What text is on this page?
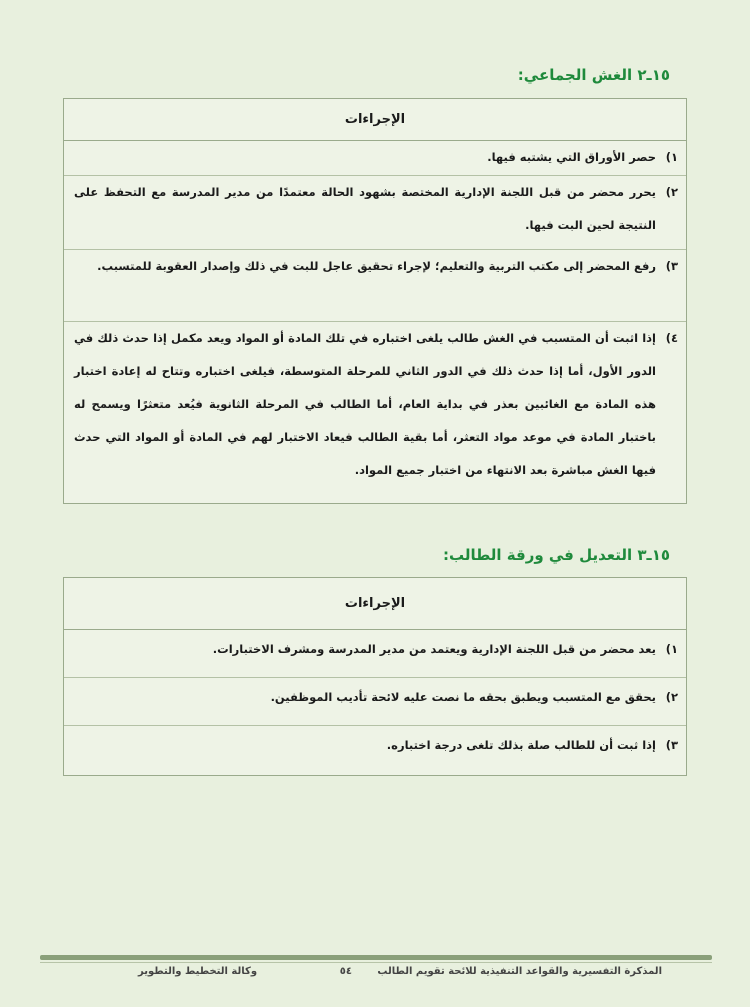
١٥ـ٢ الغش الجماعي:
الإجراءات
١)
حصر الأوراق التي يشتبه فيها.
٢)
يحرر محضر من قبل اللجنة الإدارية المختصة بشهود الحالة معتمدًا من مدير المدرسة مع التحفظ على النتيجة لحين البت فيها.
٣)
رفع المحضر إلى مكتب التربية والتعليم؛ لإجراء تحقيق عاجل للبت في ذلك وإصدار العقوبة للمتسبب.
٤)
إذا اثبت أن المتسبب في الغش طالب يلغى اختباره في تلك المادة أو المواد ويعد مكمل إذا حدث ذلك في الدور الأول، أما إذا حدث ذلك في الدور الثاني للمرحلة المتوسطة، فيلغى اختباره وتتاح له إعادة اختبار هذه المادة مع الغائبين بعذر في بداية العام، أما الطالب في المرحلة الثانوية فيُعد متعثرًا ويسمح له باختبار المادة في موعد مواد التعثر، أما بقية الطالب فيعاد الاختبار لهم في المادة أو المواد التي حدث فيها الغش مباشرة بعد الانتهاء من اختبار جميع المواد.
١٥ـ٣ التعديل في ورقة الطالب:
الإجراءات
١)
يعد محضر من قبل اللجنة الإدارية ويعتمد من مدير المدرسة ومشرف الاختبارات.
٢)
يحقق مع المتسبب ويطبق بحقه ما نصت عليه لائحة تأديب الموظفين.
٣)
إذا ثبت أن للطالب صلة بذلك تلغى درجة اختباره.
المذكرة التفسيرية والقواعد التنفيذية للائحة تقويم الطالب
٥٤
وكالة التخطيط والتطوير
